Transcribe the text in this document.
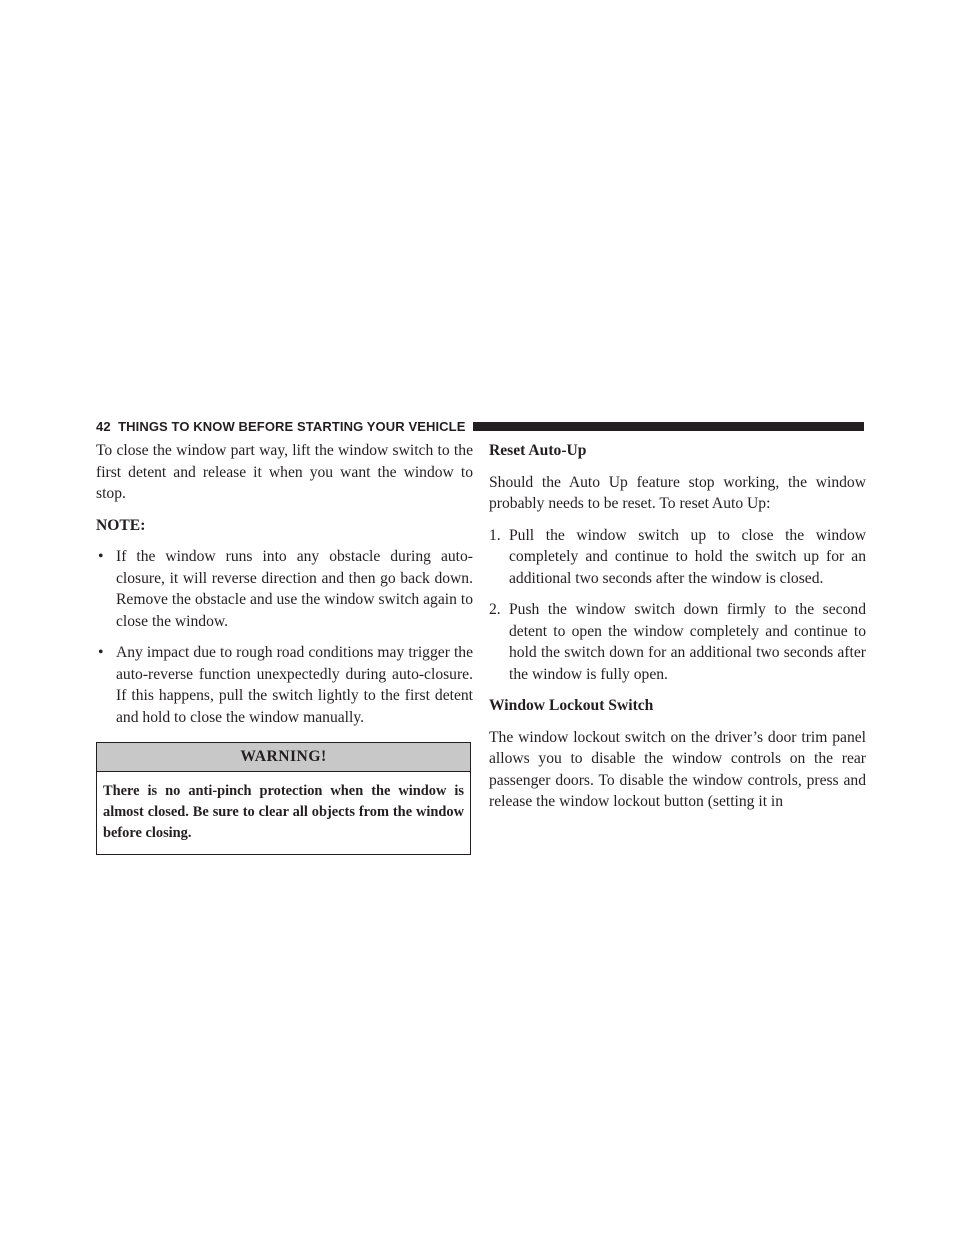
42 THINGS TO KNOW BEFORE STARTING YOUR VEHICLE

To close the window part way, lift the window switch to the first detent and release it when you want the window to stop.

NOTE:

• If the window runs into any obstacle during auto-closure, it will reverse direction and then go back down. Remove the obstacle and use the window switch again to close the window.
• Any impact due to rough road conditions may trigger the auto-reverse function unexpectedly during auto-closure. If this happens, pull the switch lightly to the first detent and hold to close the window manually.
WARNING!
There is no anti-pinch protection when the window is almost closed. Be sure to clear all objects from the window before closing.

Reset Auto-Up

Should the Auto Up feature stop working, the window probably needs to be reset. To reset Auto Up:

1. Pull the window switch up to close the window completely and continue to hold the switch up for an additional two seconds after the window is closed.
2. Push the window switch down firmly to the second detent to open the window completely and continue to hold the switch down for an additional two seconds after the window is fully open.

Window Lockout Switch

The window lockout switch on the driver’s door trim panel allows you to disable the window controls on the rear passenger doors. To disable the window controls, press and release the window lockout button (setting it in
